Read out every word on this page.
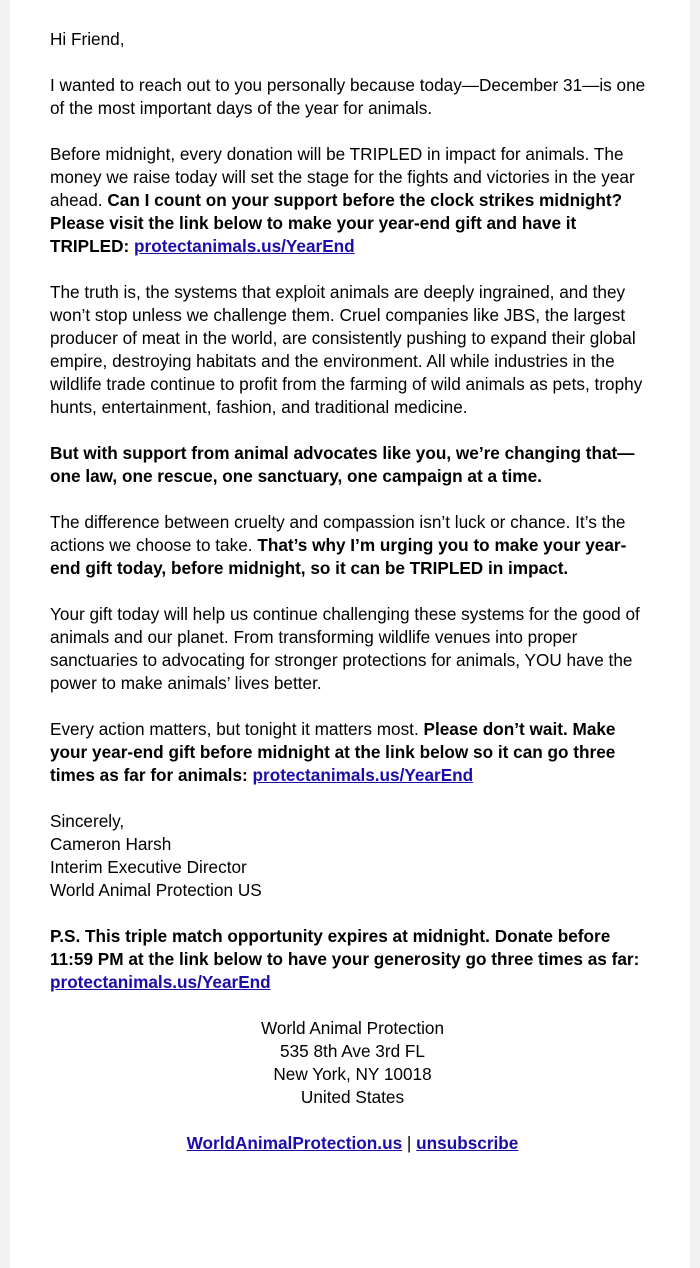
Hi Friend,

I wanted to reach out to you personally because today—December 31—is one of the most important days of the year for animals.

Before midnight, every donation will be TRIPLED in impact for animals. The money we raise today will set the stage for the fights and victories in the year ahead. Can I count on your support before the clock strikes midnight? Please visit the link below to make your year-end gift and have it TRIPLED: protectanimals.us/YearEnd

The truth is, the systems that exploit animals are deeply ingrained, and they won’t stop unless we challenge them. Cruel companies like JBS, the largest producer of meat in the world, are consistently pushing to expand their global empire, destroying habitats and the environment. All while industries in the wildlife trade continue to profit from the farming of wild animals as pets, trophy hunts, entertainment, fashion, and traditional medicine.

But with support from animal advocates like you, we’re changing that—one law, one rescue, one sanctuary, one campaign at a time.

The difference between cruelty and compassion isn’t luck or chance. It’s the actions we choose to take. That’s why I’m urging you to make your year-end gift today, before midnight, so it can be TRIPLED in impact.

Your gift today will help us continue challenging these systems for the good of animals and our planet. From transforming wildlife venues into proper sanctuaries to advocating for stronger protections for animals, YOU have the power to make animals’ lives better.

Every action matters, but tonight it matters most. Please don’t wait. Make your year-end gift before midnight at the link below so it can go three times as far for animals: protectanimals.us/YearEnd

Sincerely,
Cameron Harsh
Interim Executive Director
World Animal Protection US

P.S. This triple match opportunity expires at midnight. Donate before 11:59 PM at the link below to have your generosity go three times as far: protectanimals.us/YearEnd

World Animal Protection
535 8th Ave 3rd FL
New York, NY 10018
United States
WorldAnimalProtection.us | unsubscribe
